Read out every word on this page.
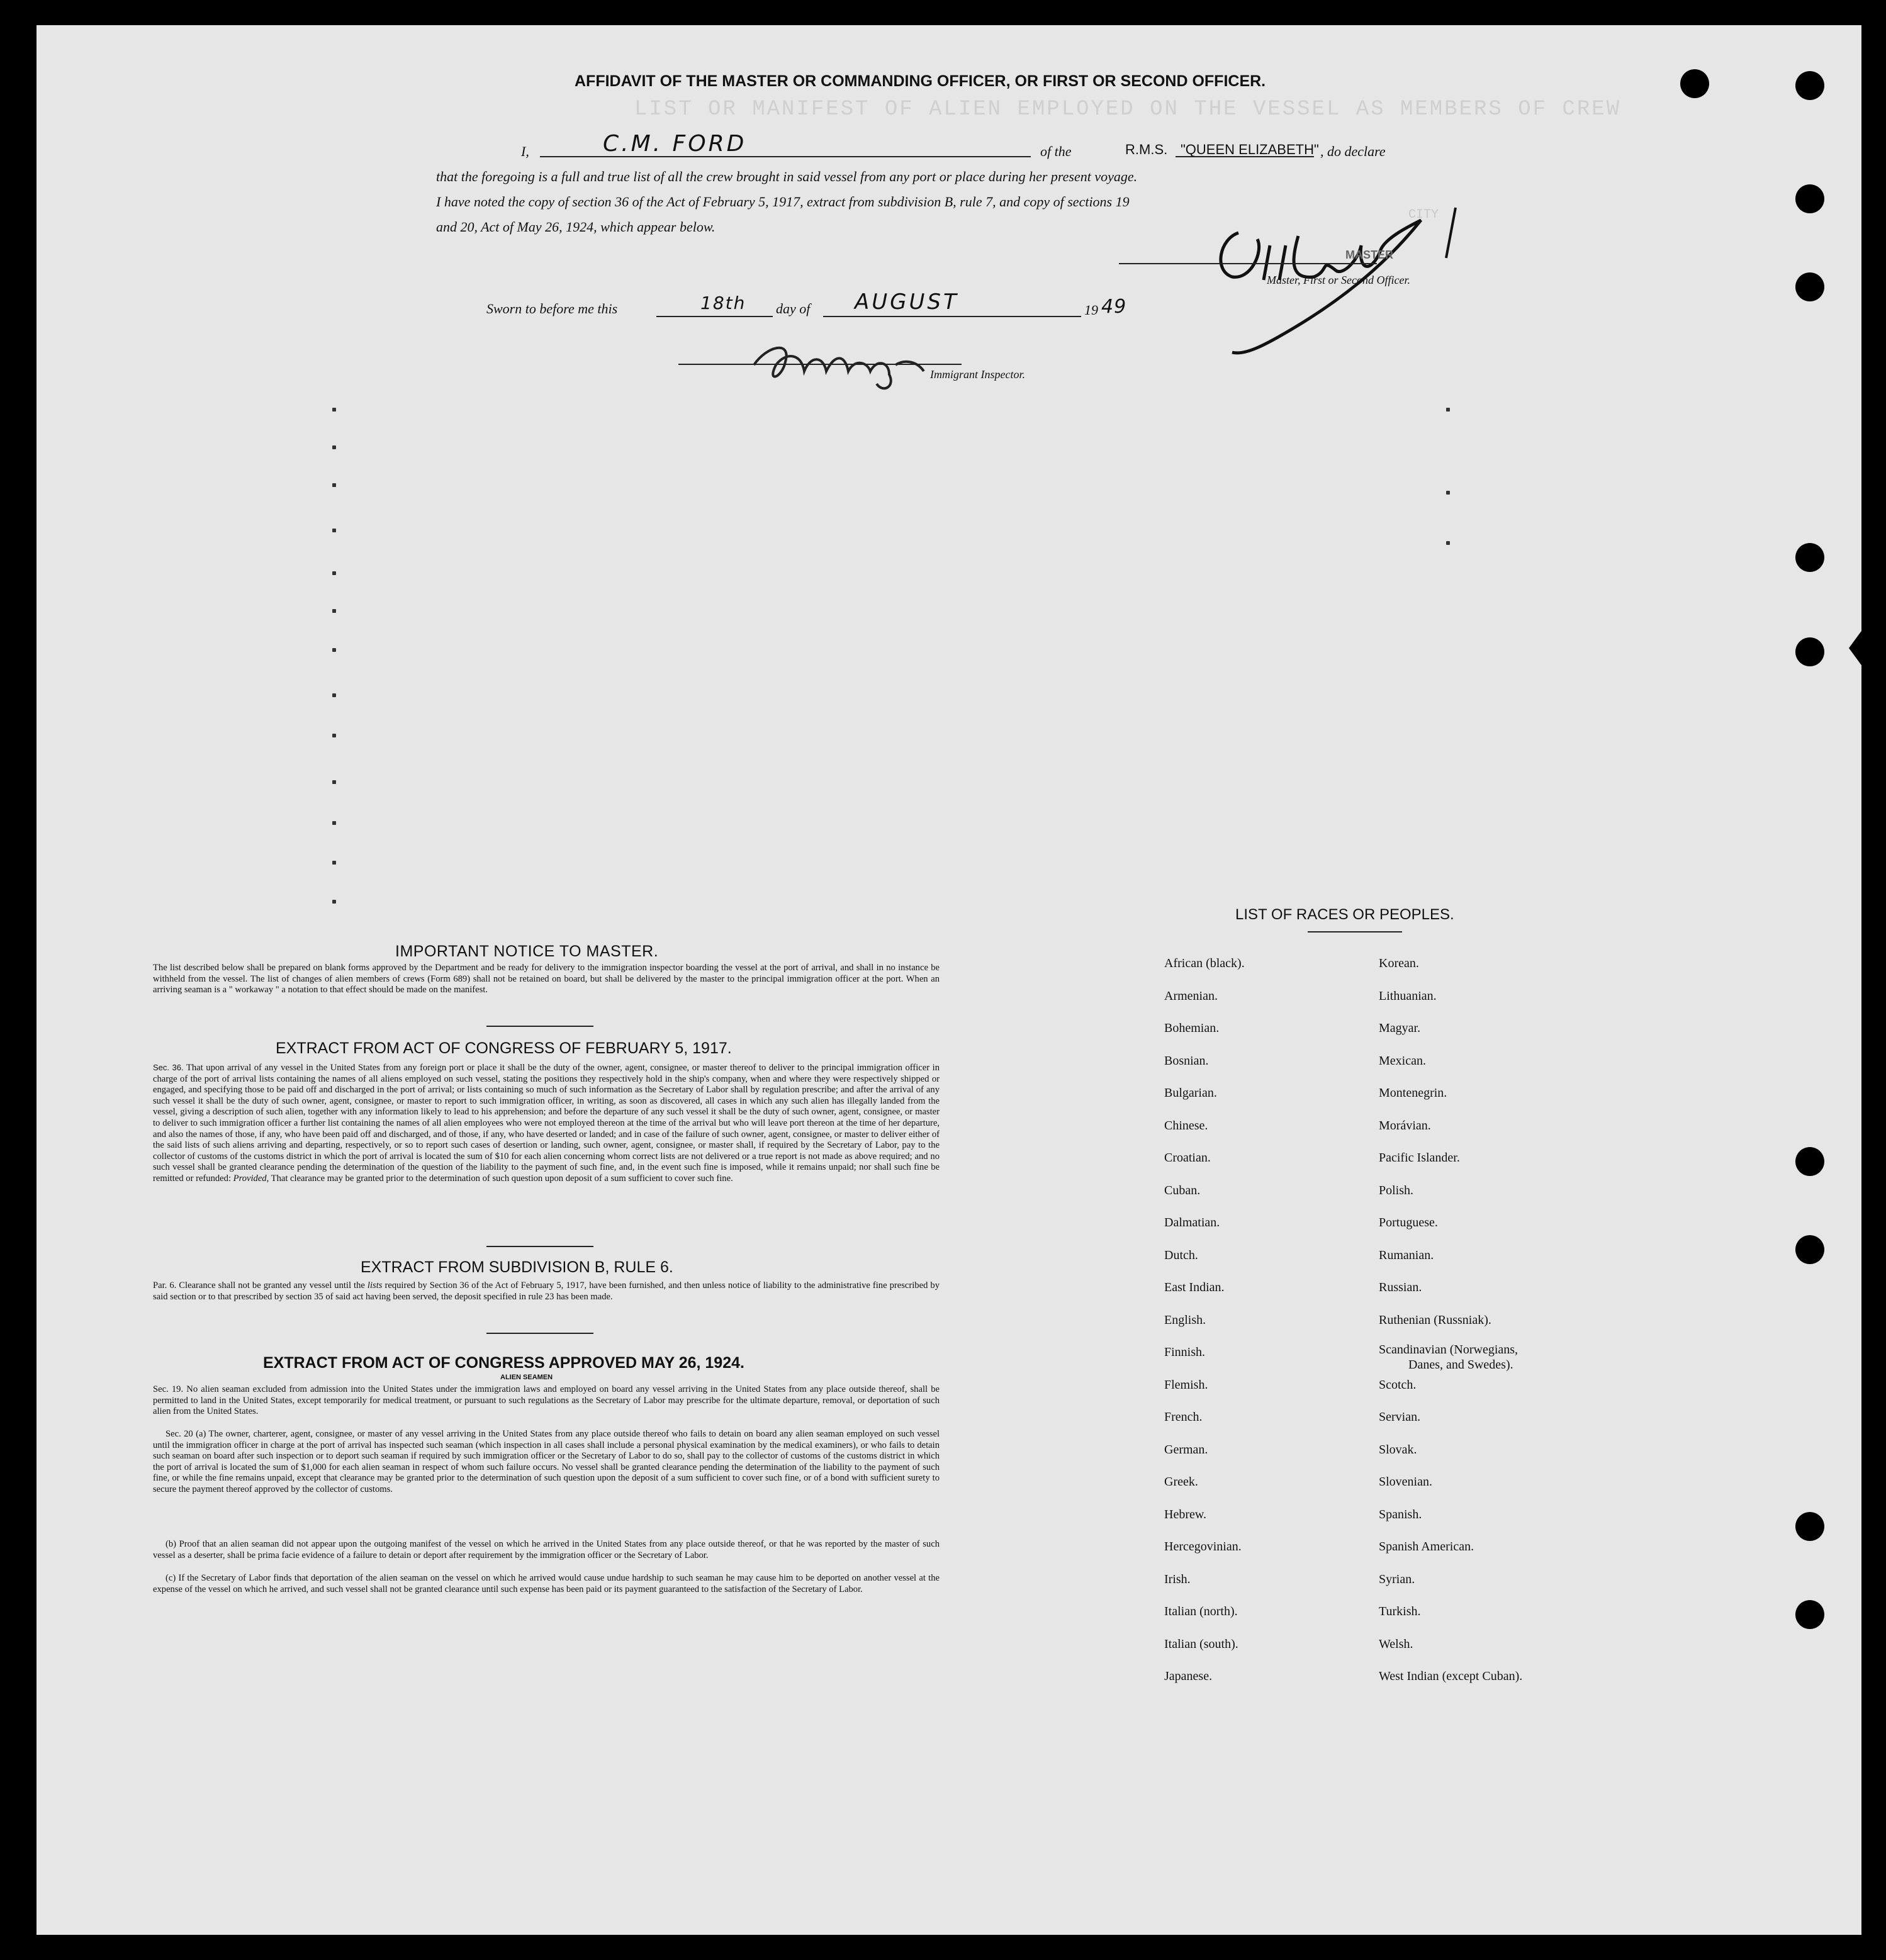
LIST OR MANIFEST OF ALIEN EMPLOYED ON THE VESSEL AS MEMBERS OF CREW
CITY
AFFIDAVIT OF THE MASTER OR COMMANDING OFFICER, OR FIRST OR SECOND OFFICER.
I,	C.M. FORD	of the	R.M.S. "QUEEN ELIZABETH" , do declare
that the foregoing is a full and true list of all the crew brought in said vessel from any port or place during her present voyage.
I have noted the copy of section 36 of the Act of February 5, 1917, extract from subdivision B, rule 7, and copy of sections 19
and 20, Act of May 26, 1924, which appear below.
MASTER
Master, First or Second Officer.
Sworn to before me this	18th day of AUGUST	19 49
Immigrant Inspector.
IMPORTANT NOTICE TO MASTER.
The list described below shall be prepared on blank forms approved by the Department and be ready for delivery to the immigration inspector boarding the vessel at the port of arrival, and shall in no instance be withheld from the vessel. The list of changes of alien members of crews (Form 689) shall not be retained on board, but shall be delivered by the master to the principal immigration officer at the port. When an arriving seaman is a " workaway " a notation to that effect should be made on the manifest.
EXTRACT FROM ACT OF CONGRESS OF FEBRUARY 5, 1917.
Sec. 36. That upon arrival of any vessel in the United States from any foreign port or place it shall be the duty of the owner, agent, consignee, or master thereof to deliver to the principal immigration officer in charge of the port of arrival lists containing the names of all aliens employed on such vessel, stating the positions they respectively hold in the ship's company, when and where they were respectively shipped or engaged, and specifying those to be paid off and discharged in the port of arrival; or lists containing so much of such information as the Secretary of Labor shall by regulation prescribe; and after the arrival of any such vessel it shall be the duty of such owner, agent, consignee, or master to report to such immigration officer, in writing, as soon as discovered, all cases in which any such alien has illegally landed from the vessel, giving a description of such alien, together with any information likely to lead to his apprehension; and before the departure of any such vessel it shall be the duty of such owner, agent, consignee, or master to deliver to such immigration officer a further list containing the names of all alien employees who were not employed thereon at the time of the arrival but who will leave port thereon at the time of her departure, and also the names of those, if any, who have been paid off and discharged, and of those, if any, who have deserted or landed; and in case of the failure of such owner, agent, consignee, or master to deliver either of the said lists of such aliens arriving and departing, respectively, or so to report such cases of desertion or landing, such owner, agent, consignee, or master shall, if required by the Secretary of Labor, pay to the collector of customs of the customs district in which the port of arrival is located the sum of $10 for each alien concerning whom correct lists are not delivered or a true report is not made as above required; and no such vessel shall be granted clearance pending the determination of the question of the liability to the payment of such fine, and, in the event such fine is imposed, while it remains unpaid; nor shall such fine be remitted or refunded: Provided, That clearance may be granted prior to the determination of such question upon deposit of a sum sufficient to cover such fine.
EXTRACT FROM SUBDIVISION B, RULE 6.
Par. 6. Clearance shall not be granted any vessel until the lists required by Section 36 of the Act of February 5, 1917, have been furnished, and then unless notice of liability to the administrative fine prescribed by said section or to that prescribed by section 35 of said act having been served, the deposit specified in rule 23 has been made.
EXTRACT FROM ACT OF CONGRESS APPROVED MAY 26, 1924.
ALIEN SEAMEN
Sec. 19. No alien seaman excluded from admission into the United States under the immigration laws and employed on board any vessel arriving in the United States from any place outside thereof, shall be permitted to land in the United States, except temporarily for medical treatment, or pursuant to such regulations as the Secretary of Labor may prescribe for the ultimate departure, removal, or deportation of such alien from the United States.
Sec. 20 (a) The owner, charterer, agent, consignee, or master of any vessel arriving in the United States from any place outside thereof who fails to detain on board any alien seaman employed on such vessel until the immigration officer in charge at the port of arrival has inspected such seaman (which inspection in all cases shall include a personal physical examination by the medical examiners), or who fails to detain such seaman on board after such inspection or to deport such seaman if required by such immigration officer or the Secretary of Labor to do so, shall pay to the collector of customs of the customs district in which the port of arrival is located the sum of $1,000 for each alien seaman in respect of whom such failure occurs. No vessel shall be granted clearance pending the determination of the liability to the payment of such fine, or while the fine remains unpaid, except that clearance may be granted prior to the determination of such question upon the deposit of a sum sufficient to cover such fine, or of a bond with sufficient surety to secure the payment thereof approved by the collector of customs.
(b) Proof that an alien seaman did not appear upon the outgoing manifest of the vessel on which he arrived in the United States from any place outside thereof, or that he was reported by the master of such vessel as a deserter, shall be prima facie evidence of a failure to detain or deport after requirement by the immigration officer or the Secretary of Labor.
(c) If the Secretary of Labor finds that deportation of the alien seaman on the vessel on which he arrived would cause undue hardship to such seaman he may cause him to be deported on another vessel at the expense of the vessel on which he arrived, and such vessel shall not be granted clearance until such expense has been paid or its payment guaranteed to the satisfaction of the Secretary of Labor.
LIST OF RACES OR PEOPLES.
African (black).
Armenian.
Bohemian.
Bosnian.
Bulgarian.
Chinese.
Croatian.
Cuban.
Dalmatian.
Dutch.
East Indian.
English.
Finnish.
Flemish.
French.
German.
Greek.
Hebrew.
Hercegovinian.
Irish.
Italian (north).
Italian (south).
Japanese.
Korean.
Lithuanian.
Magyar.
Mexican.
Montenegrin.
Morávian.
Pacific Islander.
Polish.
Portuguese.
Rumanian.
Russian.
Ruthenian (Russniak).
Scandinavian (Norwegians,
Danes, and Swedes).
Scotch.
Servian.
Slovak.
Slovenian.
Spanish.
Spanish American.
Syrian.
Turkish.
Welsh.
West Indian (except Cuban).
